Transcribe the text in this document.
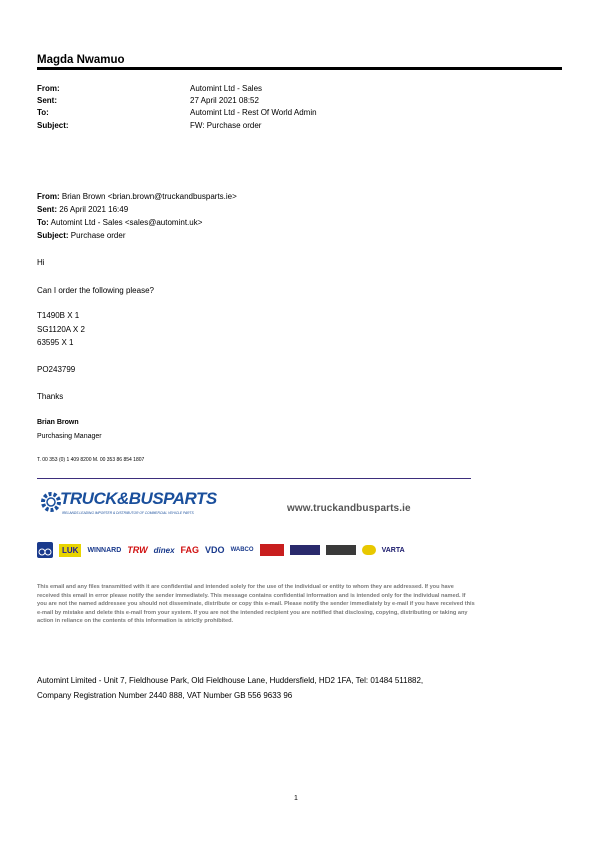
Magda Nwamuo
From:	Automint Ltd - Sales
Sent:	27 April 2021 08:52
To:	Automint Ltd - Rest Of World Admin
Subject:	FW: Purchase order
From: Brian Brown <brian.brown@truckandbusparts.ie>
Sent: 26 April 2021 16:49
To: Automint Ltd - Sales <sales@automint.uk>
Subject: Purchase order
Hi
Can I order the following please?
T1490B X 1
SG1120A X 2
63595 X 1
PO243799
Thanks
Brian Brown
Purchasing Manager
T. 00 353 (0) 1 409 8200 M. 00 353 86 854 1807
TRUCK&BUSPARTS
IRELANDS LEADING IMPORTER & DISTRIBUTOR OF COMMERCIAL VEHICLE PARTS	www.truckandbusparts.ie
LUK	WINNARD TRW dinex FAG VDO WABCO	VARTA
This email and any files transmitted with it are confidential and intended solely for the use of the individual or entity to whom they are addressed. If you have received this email in error please notify the sender immediately. This message contains confidential information and is intended only for the individual named. If you are not the named addressee you should not disseminate, distribute or copy this e-mail. Please notify the sender immediately by e-mail if you have received this e-mail by mistake and delete this e-mail from your system. If you are not the intended recipient you are notified that disclosing, copying, distributing or taking any action in reliance on the contents of this information is strictly prohibited.
Automint Limited - Unit 7, Fieldhouse Park, Old Fieldhouse Lane, Huddersfield, HD2 1FA, Tel: 01484 511882,
Company Registration Number 2440 888, VAT Number GB 556 9633 96
1
